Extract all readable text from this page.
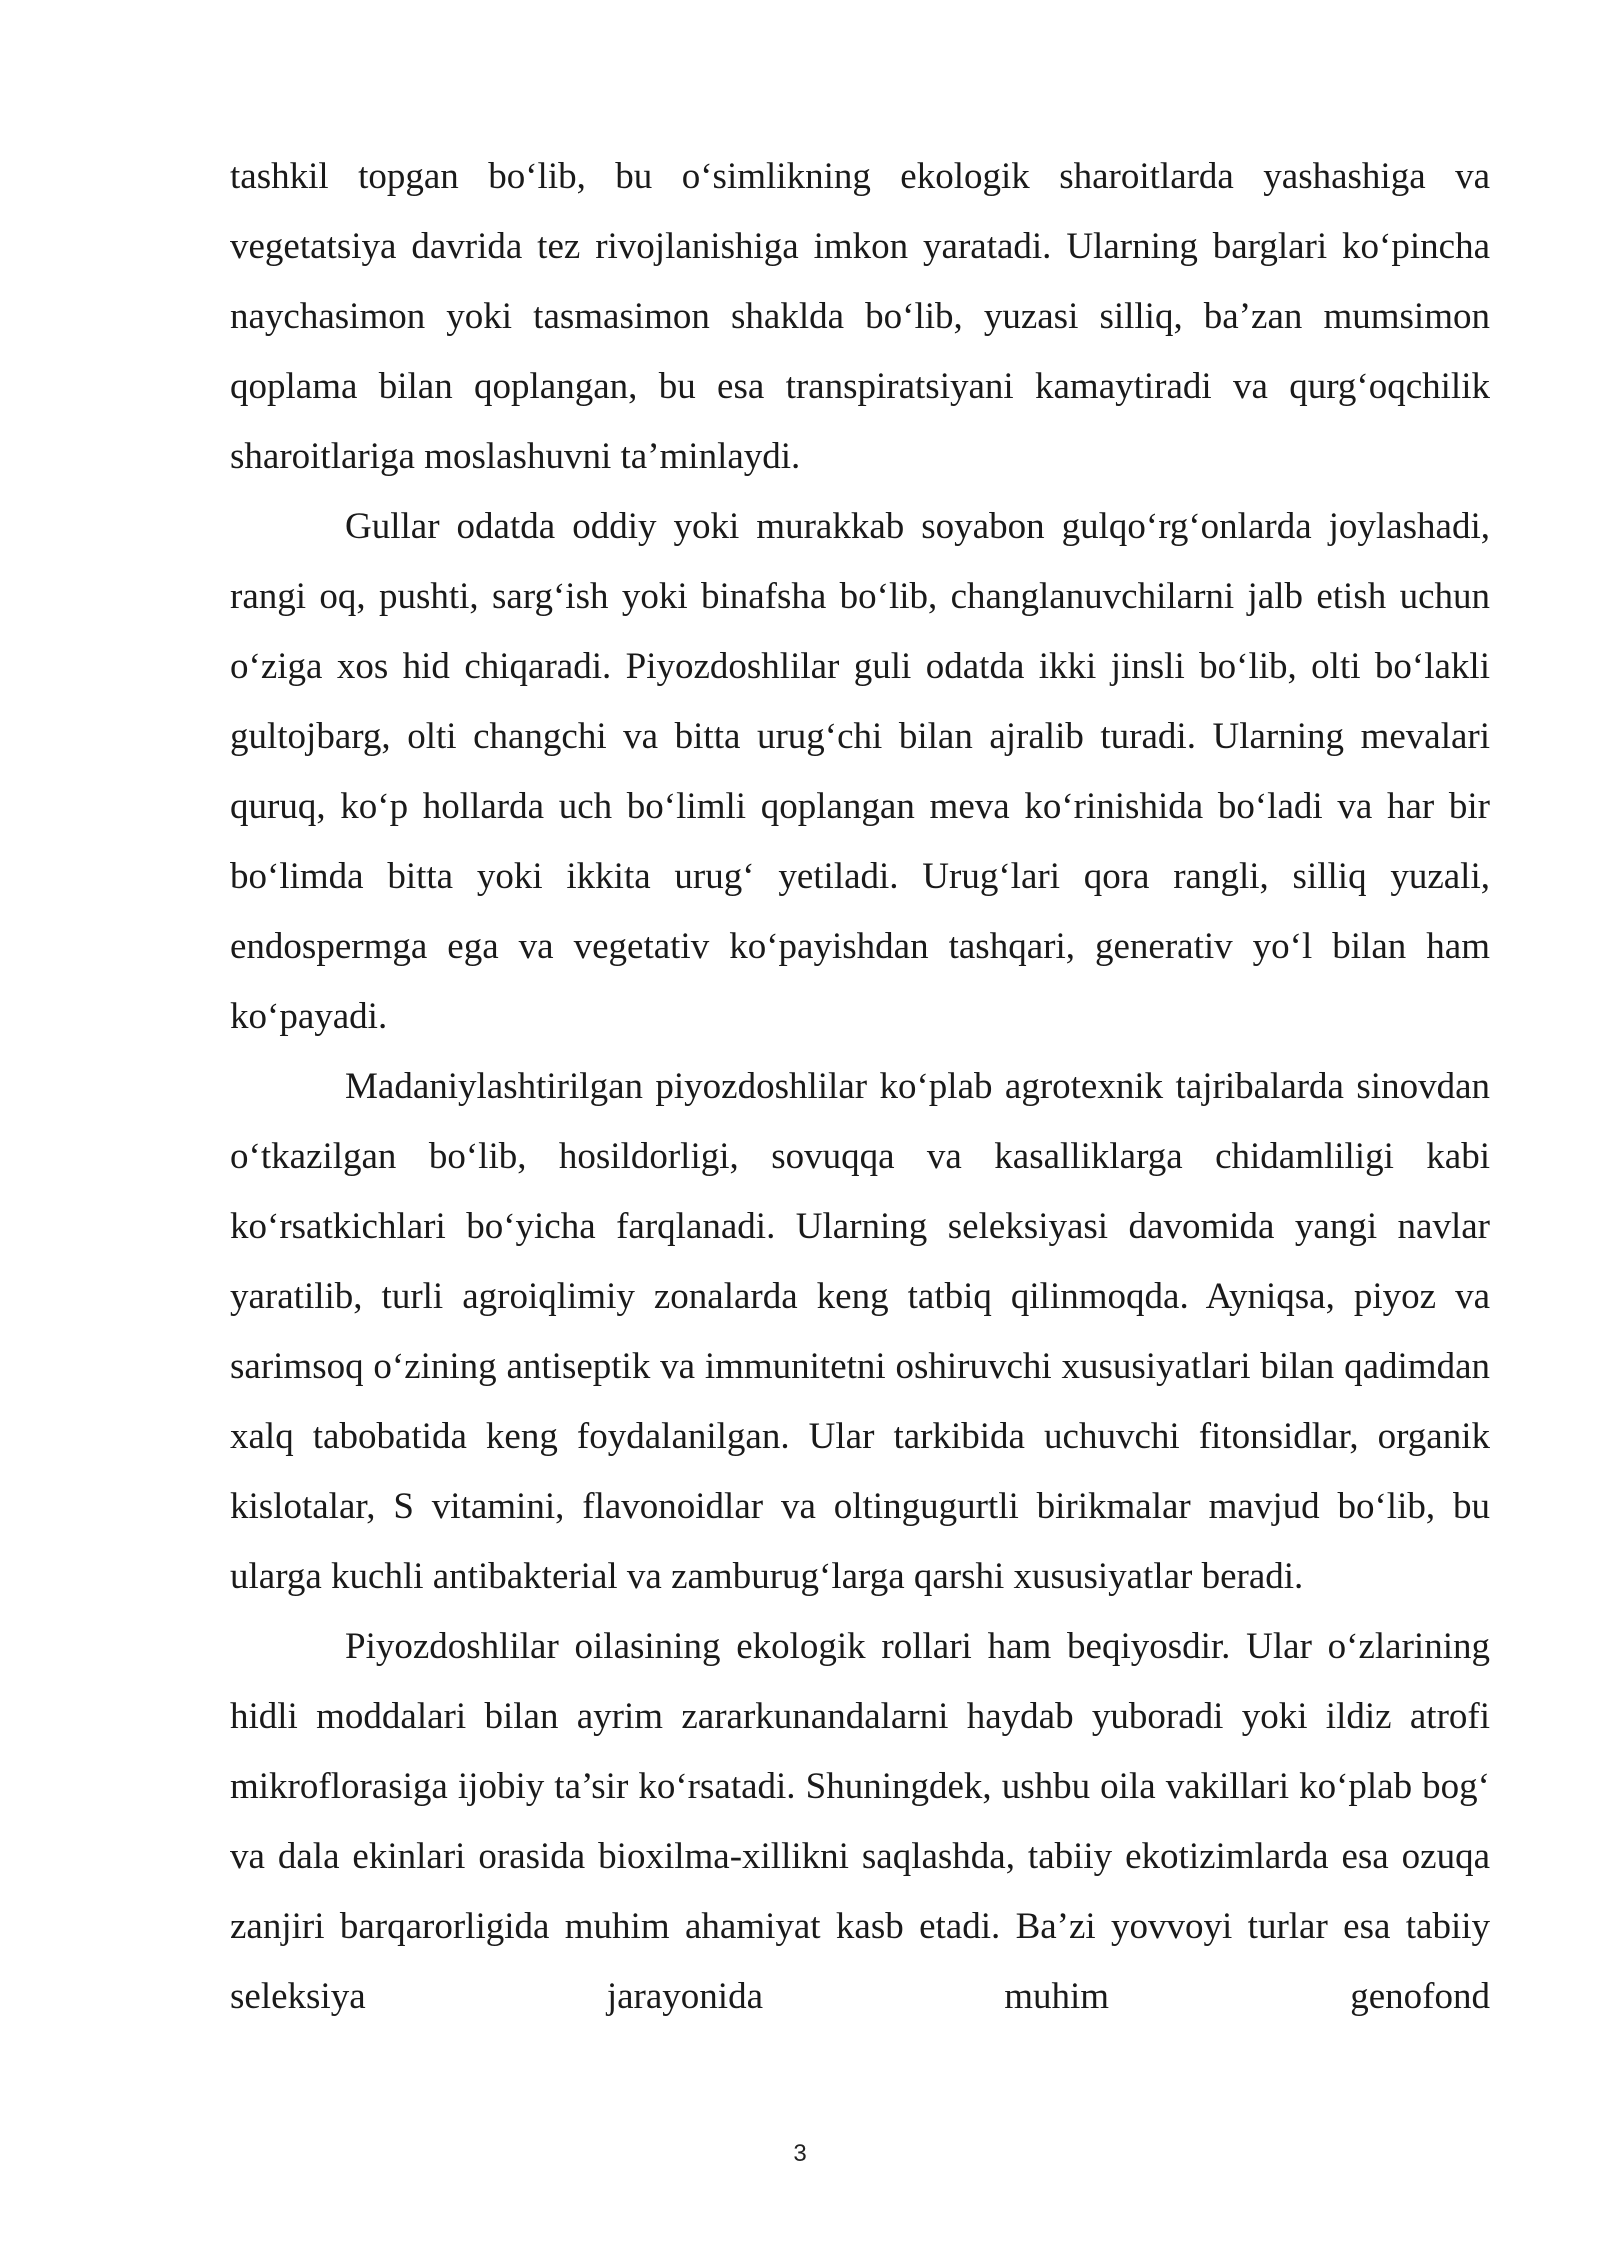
tashkil topgan bo‘lib, bu o‘simlikning ekologik sharoitlarda yashashiga va vegetatsiya davrida tez rivojlanishiga imkon yaratadi. Ularning barglari ko‘pincha naychasimon yoki tasmasimon shaklda bo‘lib, yuzasi silliq, ba’zan mumsimon qoplama bilan qoplangan, bu esa transpiratsiyani kamaytiradi va qurg‘oqchilik sharoitlariga moslashuvni ta’minlaydi.

Gullar odatda oddiy yoki murakkab soyabon gulqo‘rg‘onlarda joylashadi, rangi oq, pushti, sarg‘ish yoki binafsha bo‘lib, changlanuvchilarni jalb etish uchun o‘ziga xos hid chiqaradi. Piyozdoshlilar guli odatda ikki jinsli bo‘lib, olti bo‘lakli gultojbarg, olti changchi va bitta urug‘chi bilan ajralib turadi. Ularning mevalari quruq, ko‘p hollarda uch bo‘limli qoplangan meva ko‘rinishida bo‘ladi va har bir bo‘limda bitta yoki ikkita urug‘ yetiladi. Urug‘lari qora rangli, silliq yuzali, endospermga ega va vegetativ ko‘payishdan tashqari, generativ yo‘l bilan ham ko‘payadi.

Madaniylashtirilgan piyozdoshlilar ko‘plab agrotexnik tajribalarda sinovdan o‘tkazilgan bo‘lib, hosildorligi, sovuqqa va kasalliklarga chidamliligi kabi ko‘rsatkichlari bo‘yicha farqlanadi. Ularning seleksiyasi davomida yangi navlar yaratilib, turli agroiqlimiy zonalarda keng tatbiq qilinmoqda. Ayniqsa, piyoz va sarimsoq o‘zining antiseptik va immunitetni oshiruvchi xususiyatlari bilan qadimdan xalq tabobatida keng foydalanilgan. Ular tarkibida uchuvchi fitonsidlar, organik kislotalar, S vitamini, flavonoidlar va oltingugurtli birikmalar mavjud bo‘lib, bu ularga kuchli antibakterial va zamburug‘larga qarshi xususiyatlar beradi.

Piyozdoshlilar oilasining ekologik rollari ham beqiyosdir. Ular o‘zlarining hidli moddalari bilan ayrim zararkunandalarni haydab yuboradi yoki ildiz atrofi mikroflorasiga ijobiy ta’sir ko‘rsatadi. Shuningdek, ushbu oila vakillari ko‘plab bog‘ va dala ekinlari orasida bioxilma-xillikni saqlashda, tabiiy ekotizimlarda esa ozuqa zanjiri barqarorligida muhim ahamiyat kasb etadi. Ba’zi yovvoyi turlar esa tabiiy seleksiya jarayonida muhim genofond

3
